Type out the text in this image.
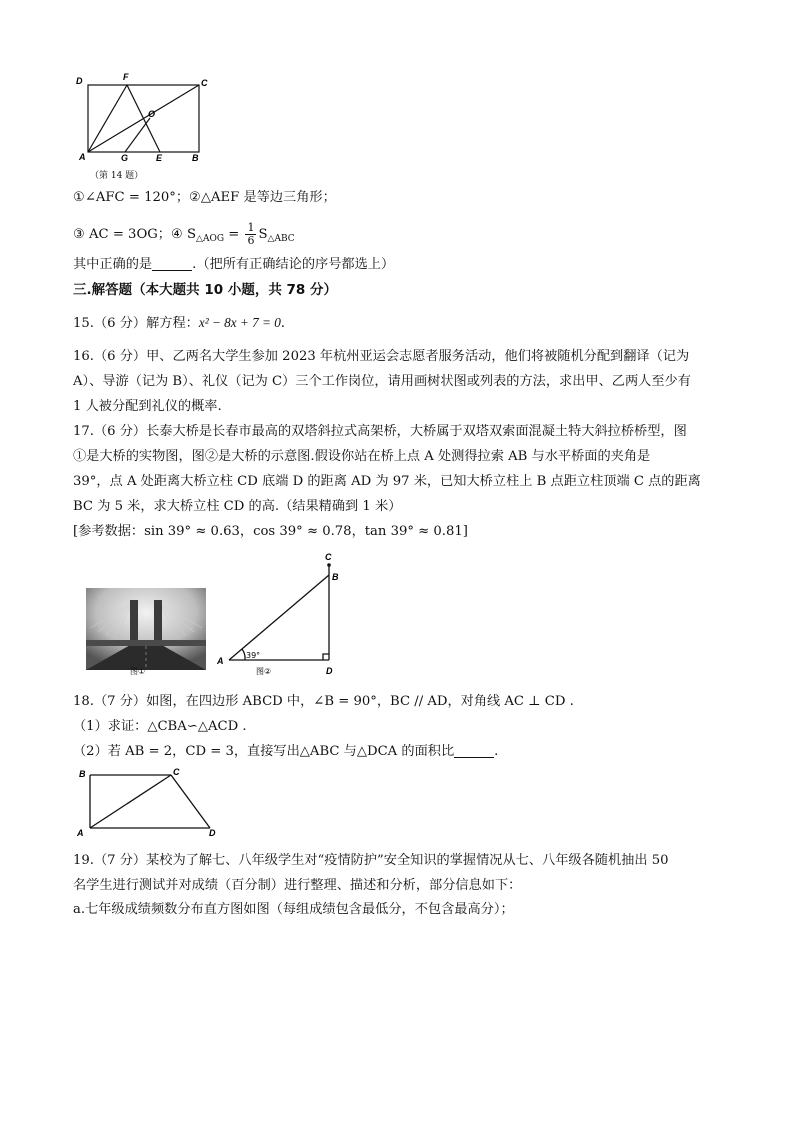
D	F
C
O
A	G	E	B
（第 14 题）
①∠AFC = 120°；②△AEF 是等边三角形；
③ AC = 3OG；④ $S_{\triangle AOG} = \frac{1}{6} S_{\triangle ABC}$
其中正确的是	.（把所有正确结论的序号都选上）
三.解答题（本大题共 10 小题，共 78 分）
15.（6 分）解方程：x² − 8x + 7 = 0.
16.（6 分）甲、乙两名大学生参加 2023 年杭州亚运会志愿者服务活动，他们将被随机分配到翻译（记为
A）、导游（记为 B）、礼仪（记为 C）三个工作岗位，请用画树状图或列表的方法，求出甲、乙两人至少有
1 人被分配到礼仪的概率.
17.（6 分）长泰大桥是长春市最高的双塔斜拉式高架桥，大桥属于双塔双索面混凝土特大斜拉桥桥型，图
①是大桥的实物图，图②是大桥的示意图.假设你站在桥上点 A 处测得拉索 AB 与水平桥面的夹角是
39°，点 A 处距离大桥立柱 CD 底端 D 的距离 AD 为 97 米，已知大桥立柱上 B 点距立柱顶端 C 点的距离
BC 为 5 米，求大桥立柱 CD 的高.（结果精确到 1 米）
[参考数据：sin 39° ≈ 0.63，cos 39° ≈ 0.78，tan 39° ≈ 0.81]
图①
C
B
A
D
39°
图②
18.（7 分）如图，在四边形 ABCD 中，∠B = 90°，BC // AD，对角线 AC ⊥ CD .
（1）求证：△CBA∽△ACD .
（2）若 AB = 2，CD = 3，直接写出△ABC 与△DCA 的面积比	.
B	C
A	D
19.（7 分）某校为了解七、八年级学生对“疫情防护”安全知识的掌握情况从七、八年级各随机抽出 50
名学生进行测试并对成绩（百分制）进行整理、描述和分析，部分信息如下：
a.七年级成绩频数分布直方图如图（每组成绩包含最低分，不包含最高分）；
